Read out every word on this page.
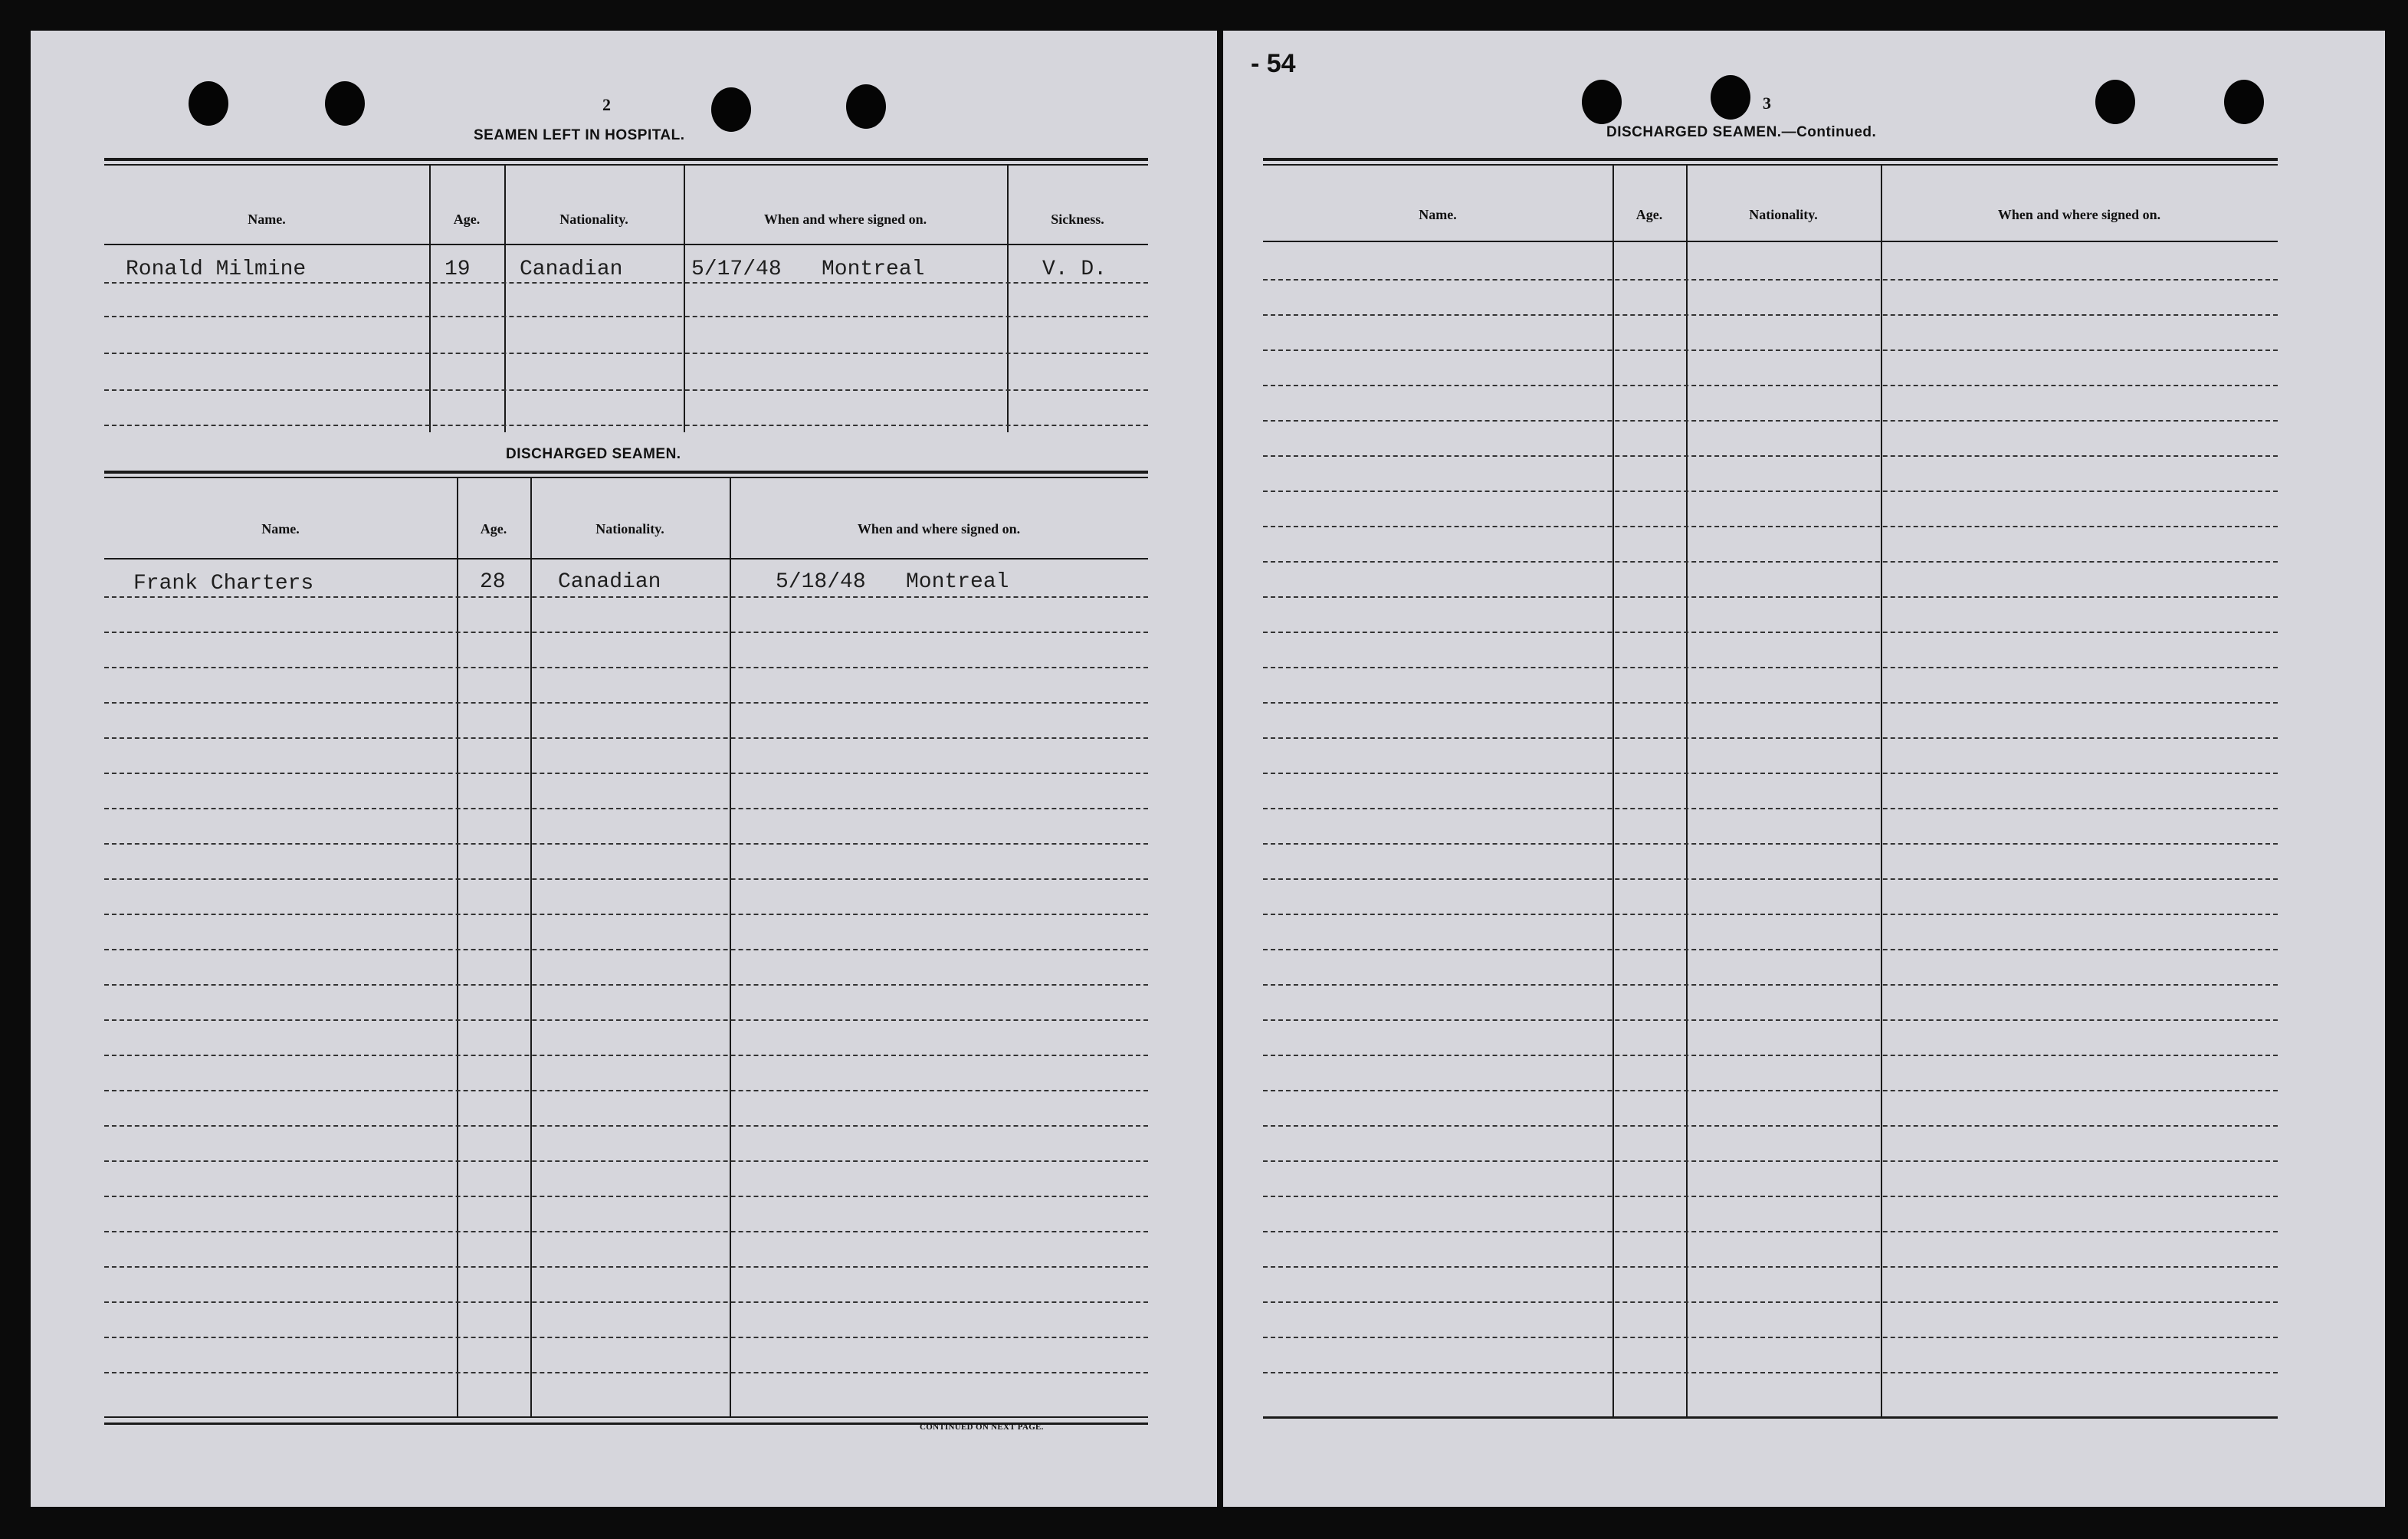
2
SEAMEN LEFT IN HOSPITAL.
Name.	Age.	Nationality.	When and where signed on.	Sickness.
Ronald Milmine	19 Canadian	5/17/48 Montreal	V. D.
DISCHARGED SEAMEN.
Name.	Age.	Nationality.	When and where signed on.
Frank Charters	28 Canadian	5/18/48 Montreal
CONTINUED ON NEXT PAGE.
- 54
3
DISCHARGED SEAMEN.—Continued.
Name.	Age.	Nationality.	When and where signed on.
